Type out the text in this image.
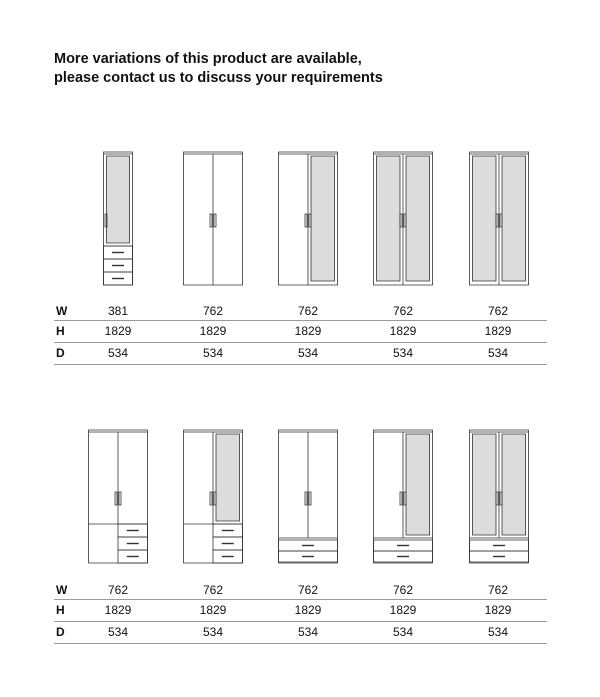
More variations of this product are available,
please contact us to discuss your requirements
W	381	762	762	762	762
H	1829	1829	1829	1829	1829
D	534	534	534	534	534
W	762	762	762	762	762
H	1829	1829	1829	1829	1829
D	534	534	534	534	534
